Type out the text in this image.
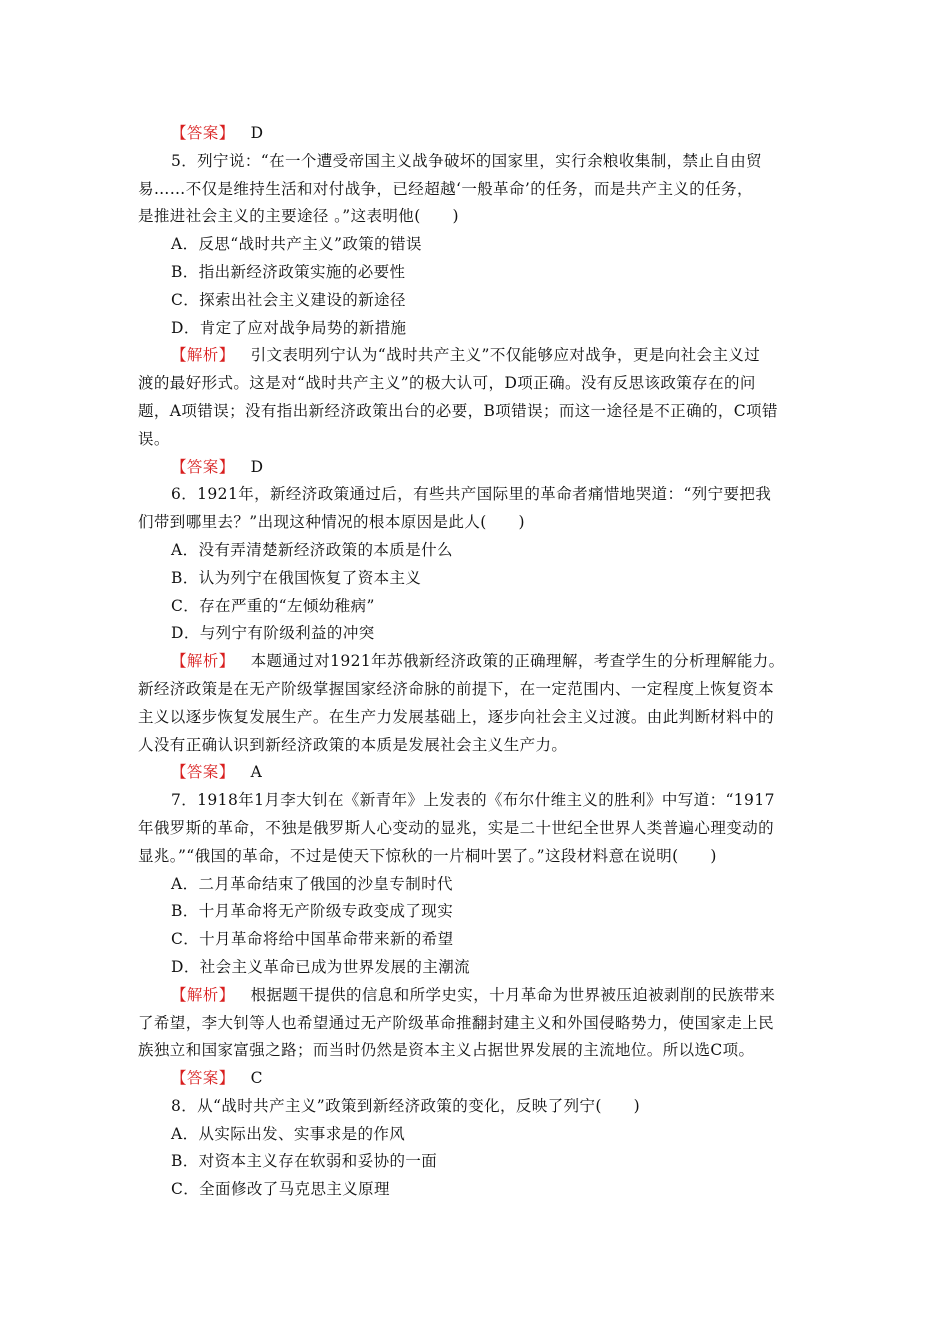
【答案】 D
5．列宁说：“在一个遭受帝国主义战争破坏的国家里，实行余粮收集制，禁止自由贸
易……不仅是维持生活和对付战争，已经超越‘一般革命’的任务，而是共产主义的任务，
是推进社会主义的主要途径 。”这表明他(　　)
A．反思“战时共产主义”政策的错误
B．指出新经济政策实施的必要性
C．探索出社会主义建设的新途径
D．肯定了应对战争局势的新措施
【解析】 引文表明列宁认为“战时共产主义”不仅能够应对战争，更是向社会主义过
渡的最好形式。这是对“战时共产主义”的极大认可，D项正确。没有反思该政策存在的问
题，A项错误；没有指出新经济政策出台的必要，B项错误；而这一途径是不正确的，C项错
误。
【答案】 D
6．1921年，新经济政策通过后，有些共产国际里的革命者痛惜地哭道：“列宁要把我
们带到哪里去？”出现这种情况的根本原因是此人(　　)
A．没有弄清楚新经济政策的本质是什么
B．认为列宁在俄国恢复了资本主义
C．存在严重的“左倾幼稚病”
D．与列宁有阶级利益的冲突
【解析】 本题通过对1921年苏俄新经济政策的正确理解，考查学生的分析理解能力。
新经济政策是在无产阶级掌握国家经济命脉的前提下，在一定范围内、一定程度上恢复资本
主义以逐步恢复发展生产。在生产力发展基础上，逐步向社会主义过渡。由此判断材料中的
人没有正确认识到新经济政策的本质是发展社会主义生产力。
【答案】 A
7．1918年1月李大钊在《新青年》上发表的《布尔什维主义的胜利》中写道：“1917
年俄罗斯的革命，不独是俄罗斯人心变动的显兆，实是二十世纪全世界人类普遍心理变动的
显兆。”“俄国的革命，不过是使天下惊秋的一片桐叶罢了。”这段材料意在说明(　　)
A．二月革命结束了俄国的沙皇专制时代
B．十月革命将无产阶级专政变成了现实
C．十月革命将给中国革命带来新的希望
D．社会主义革命已成为世界发展的主潮流
【解析】 根据题干提供的信息和所学史实，十月革命为世界被压迫被剥削的民族带来
了希望，李大钊等人也希望通过无产阶级革命推翻封建主义和外国侵略势力，使国家走上民
族独立和国家富强之路；而当时仍然是资本主义占据世界发展的主流地位。所以选C项。
【答案】 C
8．从“战时共产主义”政策到新经济政策的变化，反映了列宁(　　)
A．从实际出发、实事求是的作风
B．对资本主义存在软弱和妥协的一面
C．全面修改了马克思主义原理
